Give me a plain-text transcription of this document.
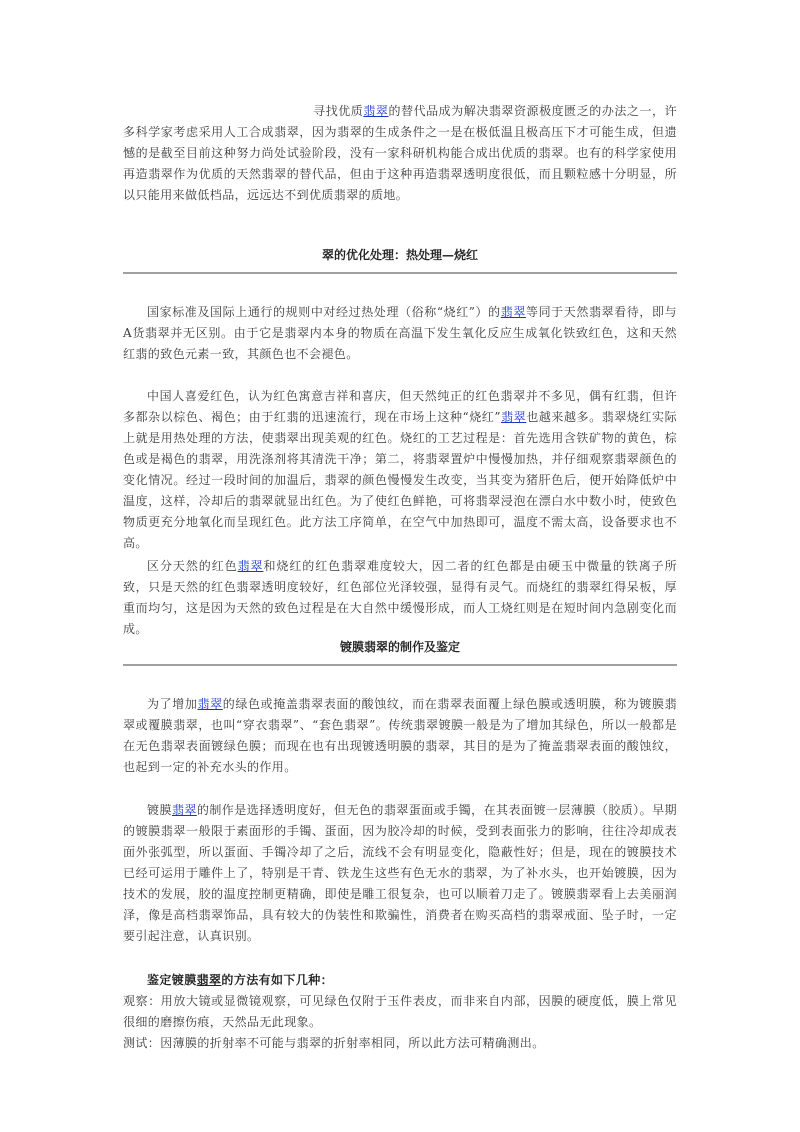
寻找优质翡翠的替代品成为解决翡翠资源极度匮乏的办法之一，许多科学家考虑采用人工合成翡翠，因为翡翠的生成条件之一是在极低温且极高压下才可能生成，但遗憾的是截至目前这种努力尚处试验阶段，没有一家科研机构能合成出优质的翡翠。也有的科学家使用再造翡翠作为优质的天然翡翠的替代品，但由于这种再造翡翠透明度很低，而且颗粒感十分明显，所以只能用来做低档品，远远达不到优质翡翠的质地。

翠的优化处理：热处理—烧红

国家标准及国际上通行的规则中对经过热处理（俗称“烧红”）的翡翠等同于天然翡翠看待，即与A货翡翠并无区别。由于它是翡翠内本身的物质在高温下发生氧化反应生成氧化铁致红色，这和天然红翡的致色元素一致，其颜色也不会褪色。

中国人喜爱红色，认为红色寓意吉祥和喜庆，但天然纯正的红色翡翠并不多见，偶有红翡，但许多都杂以棕色、褐色；由于红翡的迅速流行，现在市场上这种“烧红”翡翠也越来越多。翡翠烧红实际上就是用热处理的方法，使翡翠出现美观的红色。烧红的工艺过程是：首先选用含铁矿物的黄色，棕色或是褐色的翡翠，用洗涤剂将其清洗干净；第二，将翡翠置炉中慢慢加热，并仔细观察翡翠颜色的变化情况。经过一段时间的加温后，翡翠的颜色慢慢发生改变，当其变为猪肝色后，便开始降低炉中温度，这样，冷却后的翡翠就显出红色。为了使红色鲜艳，可将翡翠浸泡在漂白水中数小时，使致色物质更充分地氧化而呈现红色。此方法工序简单，在空气中加热即可，温度不需太高，设备要求也不高。

区分天然的红色翡翠和烧红的红色翡翠难度较大，因二者的红色都是由硬玉中微量的铁离子所致，只是天然的红色翡翠透明度较好，红色部位光泽较强，显得有灵气。而烧红的翡翠红得呆板，厚重而均匀，这是因为天然的致色过程是在大自然中缓慢形成，而人工烧红则是在短时间内急剧变化而成。

镀膜翡翠的制作及鉴定

为了增加翡翠的绿色或掩盖翡翠表面的酸蚀纹，而在翡翠表面覆上绿色膜或透明膜，称为镀膜翡翠或覆膜翡翠，也叫“穿衣翡翠”、“套色翡翠”。传统翡翠镀膜一般是为了增加其绿色，所以一般都是在无色翡翠表面镀绿色膜；而现在也有出现镀透明膜的翡翠，其目的是为了掩盖翡翠表面的酸蚀纹，也起到一定的补充水头的作用。

镀膜翡翠的制作是选择透明度好，但无色的翡翠蛋面或手镯，在其表面镀一层薄膜（胶质）。早期的镀膜翡翠一般限于素面形的手镯、蛋面，因为胶冷却的时候，受到表面张力的影响，往往冷却成表面外张弧型，所以蛋面、手镯冷却了之后，流线不会有明显变化，隐蔽性好；但是，现在的镀膜技术已经可运用于雕件上了，特别是干青、铁龙生这些有色无水的翡翠，为了补水头，也开始镀膜，因为技术的发展，胶的温度控制更精确，即使是雕工很复杂，也可以顺着刀走了。镀膜翡翠看上去美丽润泽，像是高档翡翠饰品，具有较大的伪装性和欺骗性，消费者在购买高档的翡翠戒面、坠子时，一定要引起注意，认真识别。

鉴定镀膜翡翠的方法有如下几种：

观察：用放大镜或显微镜观察，可见绿色仅附于玉件表皮，而非来自内部，因膜的硬度低，膜上常见很细的磨擦伤痕，天然品无此现象。

测试：因薄膜的折射率不可能与翡翠的折射率相同，所以此方法可精确测出。
